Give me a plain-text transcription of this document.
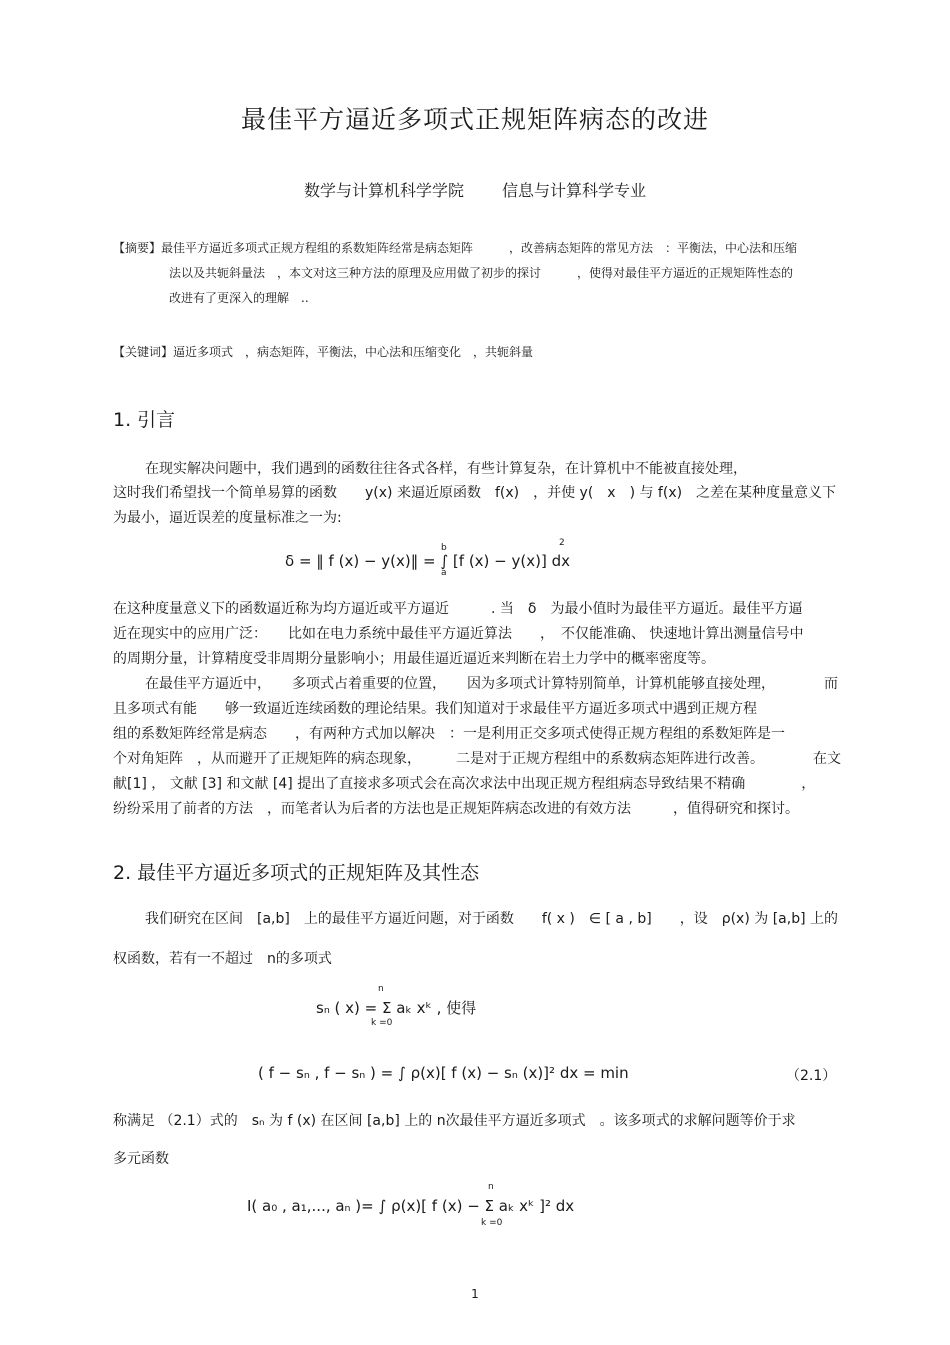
最佳平方逼近多项式正规矩阵病态的改进
数学与计算机科学学院 信息与计算科学专业
【摘要】最佳平方逼近多项式正规方程组的系数矩阵经常是病态矩阵　　　，改善病态矩阵的常见方法　：平衡法，中心法和压缩
法以及共轭斜量法　，本文对这三种方法的原理及应用做了初步的探讨　　　，使得对最佳平方逼近的正规矩阵性态的
改进有了更深入的理解　..
【关键词】逼近多项式　，病态矩阵，平衡法，中心法和压缩变化　，共轭斜量
1. 引言
在现实解决问题中，我们遇到的函数往往各式各样，有些计算复杂，在计算机中不能被直接处理，
这时我们希望找一个简单易算的函数　　y(x) 来逼近原函数　f(x)　，并使 y(　x　) 与 f(x)　之差在某种度量意义下
为最小，逼近误差的度量标准之一为:
δ = ‖ f (x) − y(x)‖ = ∫ [f (x) − y(x)] dx
b
a
2
在这种度量意义下的函数逼近称为均方逼近或平方逼近　　　. 当　δ　为最小值时为最佳平方逼近。最佳平方逼
近在现实中的应用广泛：　　比如在电力系统中最佳平方逼近算法　　，　不仅能准确、 快速地计算出测量信号中
的周期分量，计算精度受非周期分量影响小；用最佳逼近逼近来判断在岩土力学中的概率密度等。
在最佳平方逼近中，　　多项式占着重要的位置，　　因为多项式计算特别简单，计算机能够直接处理，　　　　而
且多项式有能　　够一致逼近连续函数的理论结果。我们知道对于求最佳平方逼近多项式中遇到正规方程
组的系数矩阵经常是病态　　，有两种方式加以解决　：一是利用正交多项式使得正规方程组的系数矩阵是一
个对角矩阵　，从而避开了正规矩阵的病态现象，　　　二是对于正规方程组中的系数病态矩阵进行改善。　　　　在文
献[1] ， 文献 [3] 和文献 [4] 提出了直接求多项式会在高次求法中出现正规方程组病态导致结果不精确　　　　，
纷纷采用了前者的方法　，而笔者认为后者的方法也是正规矩阵病态改进的有效方法　　　，值得研究和探讨。
2. 最佳平方逼近多项式的正规矩阵及其性态
我们研究在区间　[a,b]　上的最佳平方逼近问题，对于函数　　f( x )　∈ [ a , b]　　，设　ρ(x) 为 [a,b] 上的
权函数，若有一不超过　n的多项式
n
sₙ ( x) = Σ aₖ xᵏ , 使得
k =0
( f − sₙ , f − sₙ ) = ∫ ρ(x)[ f (x) − sₙ (x)]² dx = min	（2.1）
称满足 （2.1）式的　sₙ 为 f (x) 在区间 [a,b] 上的 n次最佳平方逼近多项式　。该多项式的求解问题等价于求
多元函数
n
I( a₀ , a₁,..., aₙ )= ∫ ρ(x)[ f (x) − Σ aₖ xᵏ ]² dx
k =0
1
